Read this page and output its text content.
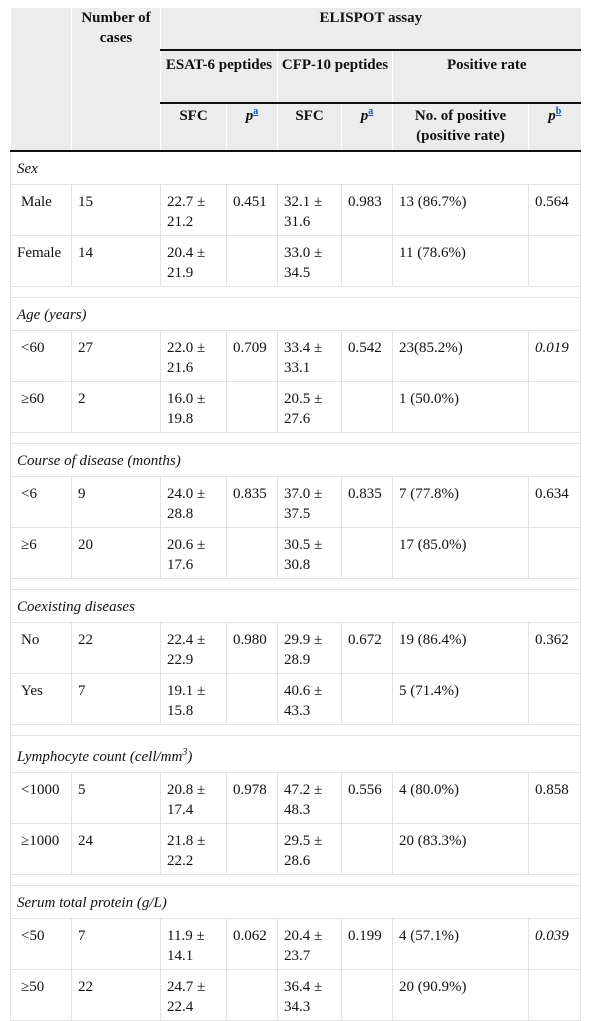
	Number of cases	ELISPOT assay					
		ESAT-6 peptides		CFP-10 peptides		Positive rate	
		SFC	$p^a$	SFC	$p^a$	No. of positive (positive rate)	$p^b$
Sex							
Male	15	22.7 ± 21.2	0.451	32.1 ± 31.6	0.983	13 (86.7%)	0.564
Female	14	20.4 ± 21.9		33.0 ± 34.5		11 (78.6%)	

Age (years)							
<60	27	22.0 ± 21.6	0.709	33.4 ± 33.1	0.542	23(85.2%)	0.019
≥60	2	16.0 ± 19.8		20.5 ± 27.6		1 (50.0%)	

Course of disease (months)							
<6	9	24.0 ± 28.8	0.835	37.0 ± 37.5	0.835	7 (77.8%)	0.634
≥6	20	20.6 ± 17.6		30.5 ± 30.8		17 (85.0%)	

Coexisting diseases							
No	22	22.4 ± 22.9	0.980	29.9 ± 28.9	0.672	19 (86.4%)	0.362
Yes	7	19.1 ± 15.8		40.6 ± 43.3		5 (71.4%)	

Lymphocyte count $(cell/mm^3)$							
<1000	5	20.8 ± 17.4	0.978	47.2 ± 48.3	0.556	4 (80.0%)	0.858
≥1000	24	21.8 ± 22.2		29.5 ± 28.6		20 (83.3%)	

Serum total protein (g/L)							
<50	7	11.9 ± 14.1	0.062	20.4 ± 23.7	0.199	4 (57.1%)	0.039
≥50	22	24.7 ± 22.4		36.4 ± 34.3		20 (90.9%)	
